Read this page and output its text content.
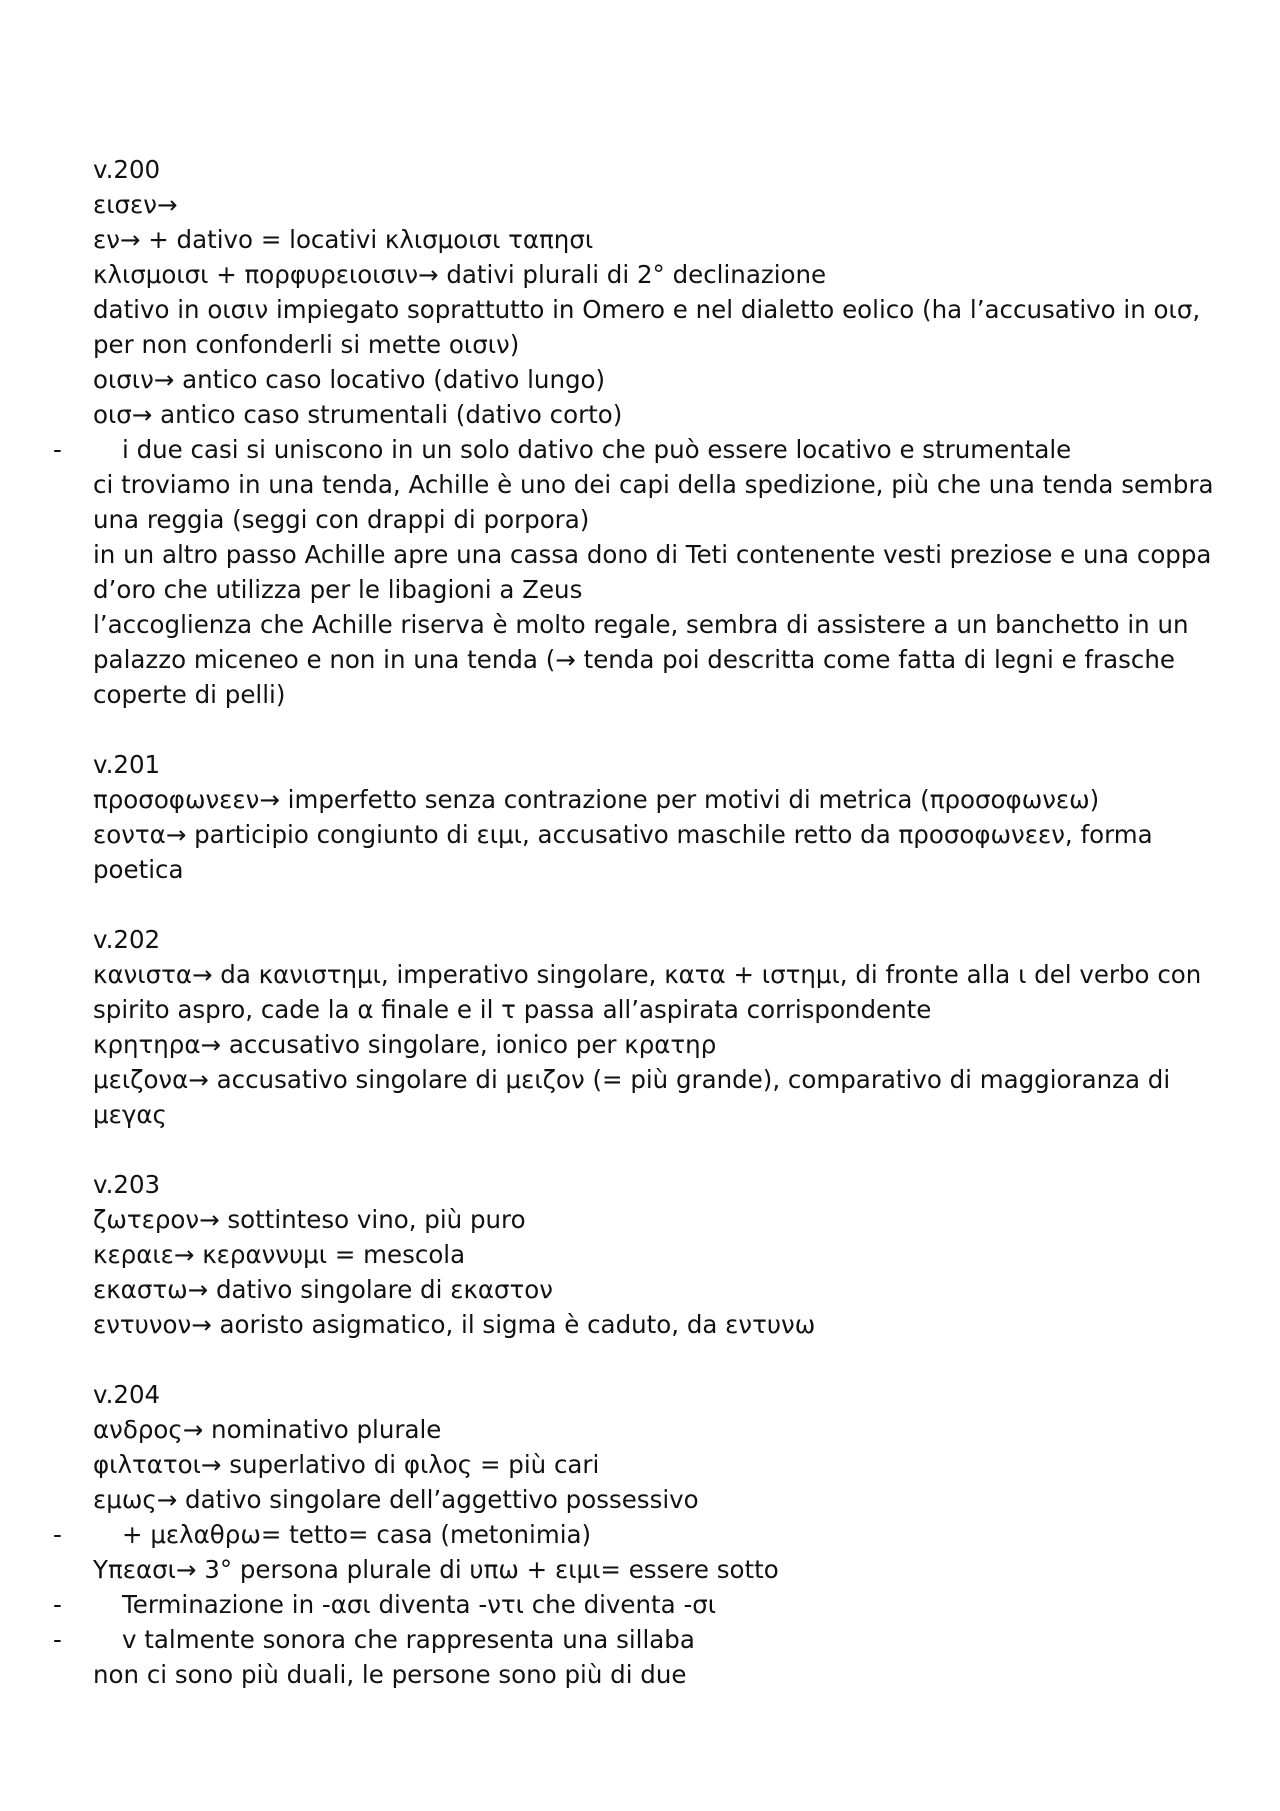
v.200
εισεν→
εν→ + dativo = locativi κλισμοισι ταπησι
κλισμοισι + πορφυρειοισιν→ dativi plurali di 2° declinazione
dativo in οισιν impiegato soprattutto in Omero e nel dialetto eolico (ha l’accusativo in οισ, per non confonderli si mette οισιν)
οισιν→ antico caso locativo (dativo lungo)
οισ→ antico caso strumentali (dativo corto)
-	i due casi si uniscono in un solo dativo che può essere locativo e strumentale
ci troviamo in una tenda, Achille è uno dei capi della spedizione, più che una tenda sembra una reggia (seggi con drappi di porpora)
in un altro passo Achille apre una cassa dono di Teti contenente vesti preziose e una coppa d’oro che utilizza per le libagioni a Zeus
l’accoglienza che Achille riserva è molto regale, sembra di assistere a un banchetto in un palazzo miceneo e non in una tenda (→ tenda poi descritta come fatta di legni e frasche coperte di pelli)
v.201
προσοφωνεεν→ imperfetto senza contrazione per motivi di metrica (προσοφωνεω)
εοντα→ participio congiunto di ειμι, accusativo maschile retto da προσοφωνεεν, forma poetica
v.202
κανιστα→ da κανιστημι, imperativo singolare, κατα + ιστημι, di fronte alla ι del verbo con spirito aspro, cade la α finale e il τ passa all’aspirata corrispondente
κρητηρα→ accusativo singolare, ionico per κρατηρ
μειζονα→ accusativo singolare di μειζον (= più grande), comparativo di maggioranza di μεγας
v.203
ζωτερον→ sottinteso vino, più puro
κεραιε→ κεραννυμι = mescola
εκαστω→ dativo singolare di εκαστον
εντυνον→ aoristo asigmatico, il sigma è caduto, da εντυνω
v.204
ανδρος→ nominativo plurale
φιλτατοι→ superlativo di φιλος = più cari
εμως→ dativo singolare dell’aggettivo possessivo
-	+ μελαθρω= tetto= casa (metonimia)
Υπεασι→ 3° persona plurale di υπω + ειμι= essere sotto
-	Terminazione in -ασι diventa -ντι che diventa -σι
-	v talmente sonora che rappresenta una sillaba
non ci sono più duali, le persone sono più di due
